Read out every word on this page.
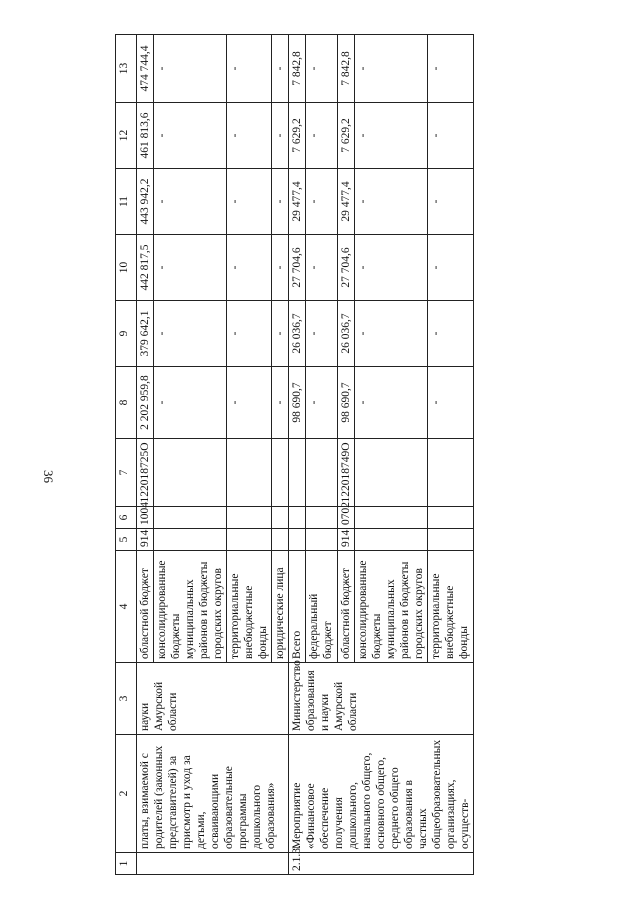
36
1	2	3	4	5	6	7	8	9	10	11	12	13
	платы, взимаемой с родителей (законных представителей) за присмотр и уход за детьми, осваивающими образовательные программы дошкольного образования»	науки Амурской области	областной бюджет	914	1004	122018725О	2 202 959,8	379 642,1	442 817,5	443 942,2	461 813,6	474 744,4
			консолидированные бюджеты муниципальных районов и бюджеты городских округов				-	-	-	-	-	-
			территориальные внебюджетные фонды				-	-	-	-	-	-
			юридические лица				-	-	-	-	-	-
2.1.3.	Мероприятие «Финансовое обеспечение получения дошкольного, начального общего, основного общего, среднего общего образования в частных общеобразовательных организациях, осуществ-	Министерство образования и науки Амурской области	Всего				98 690,7	26 036,7	27 704,6	29 477,4	7 629,2	7 842,8
			федеральный бюджет				-	-	-	-	-	-
			областной бюджет	914	0702	122018749О	98 690,7	26 036,7	27 704,6	29 477,4	7 629,2	7 842,8
			консолидированные бюджеты муниципальных районов и бюджеты городских округов				-	-	-	-	-	-
			территориальные внебюджетные фонды				-	-	-	-	-	-
